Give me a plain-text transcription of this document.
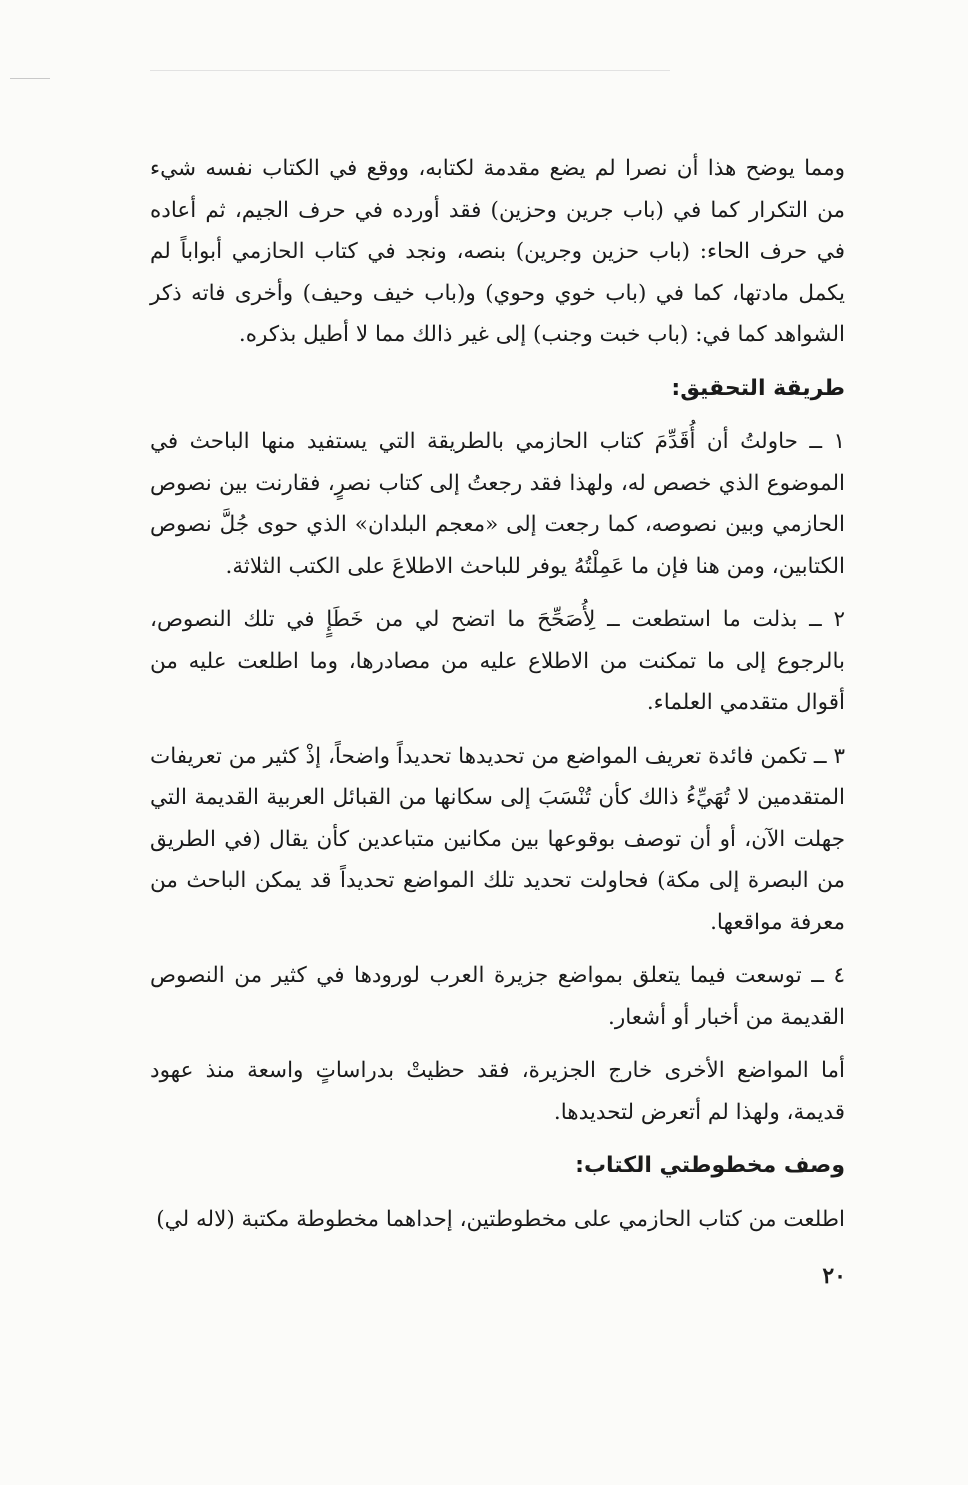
ومما يوضح هذا أن نصرا لم يضع مقدمة لكتابه، ووقع في الكتاب نفسه شيء من التكرار كما في (باب جرين وحزين) فقد أورده في حرف الجيم، ثم أعاده في حرف الحاء: (باب حزين وجرين) بنصه، ونجد في كتاب الحازمي أبواباً لم يكمل مادتها، كما في (باب خوي وحوي) و(باب خيف وحيف) وأخرى فاته ذكر الشواهد كما في: (باب خبت وجنب) إلى غير ذالك مما لا أطيل بذكره.

طريقة التحقيق:

١ ــ حاولتُ أن أُقَدِّمَ كتاب الحازمي بالطريقة التي يستفيد منها الباحث في الموضوع الذي خصص له، ولهذا فقد رجعتُ إلى كتاب نصرٍ، فقارنت بين نصوص الحازمي وبين نصوصه، كما رجعت إلى «معجم البلدان» الذي حوى جُلَّ نصوص الكتابين، ومن هنا فإن ما عَمِلْتُهُ يوفر للباحث الاطلاعَ على الكتب الثلاثة.

٢ ــ بذلت ما استطعت ــ لِأُصَحِّحَ ما اتضح لي من خَطَإٍ في تلك النصوص، بالرجوع إلى ما تمكنت من الاطلاع عليه من مصادرها، وما اطلعت عليه من أقوال متقدمي العلماء.

٣ ــ تكمن فائدة تعريف المواضع من تحديدها تحديداً واضحاً، إذْ كثير من تعريفات المتقدمين لا تُهَيِّءُ ذالك كأن تُنْسَبَ إلى سكانها من القبائل العربية القديمة التي جهلت الآن، أو أن توصف بوقوعها بين مكانين متباعدين كأن يقال (في الطريق من البصرة إلى مكة) فحاولت تحديد تلك المواضع تحديداً قد يمكن الباحث من معرفة مواقعها.

٤ ــ توسعت فيما يتعلق بمواضع جزيرة العرب لورودها في كثير من النصوص القديمة من أخبار أو أشعار.

أما المواضع الأخرى خارج الجزيرة، فقد حظيتْ بدراساتٍ واسعة منذ عهود قديمة، ولهذا لم أتعرض لتحديدها.

وصف مخطوطتي الكتاب:

اطلعت من كتاب الحازمي على مخطوطتين، إحداهما مخطوطة مكتبة (لاله لي)

٢٠
